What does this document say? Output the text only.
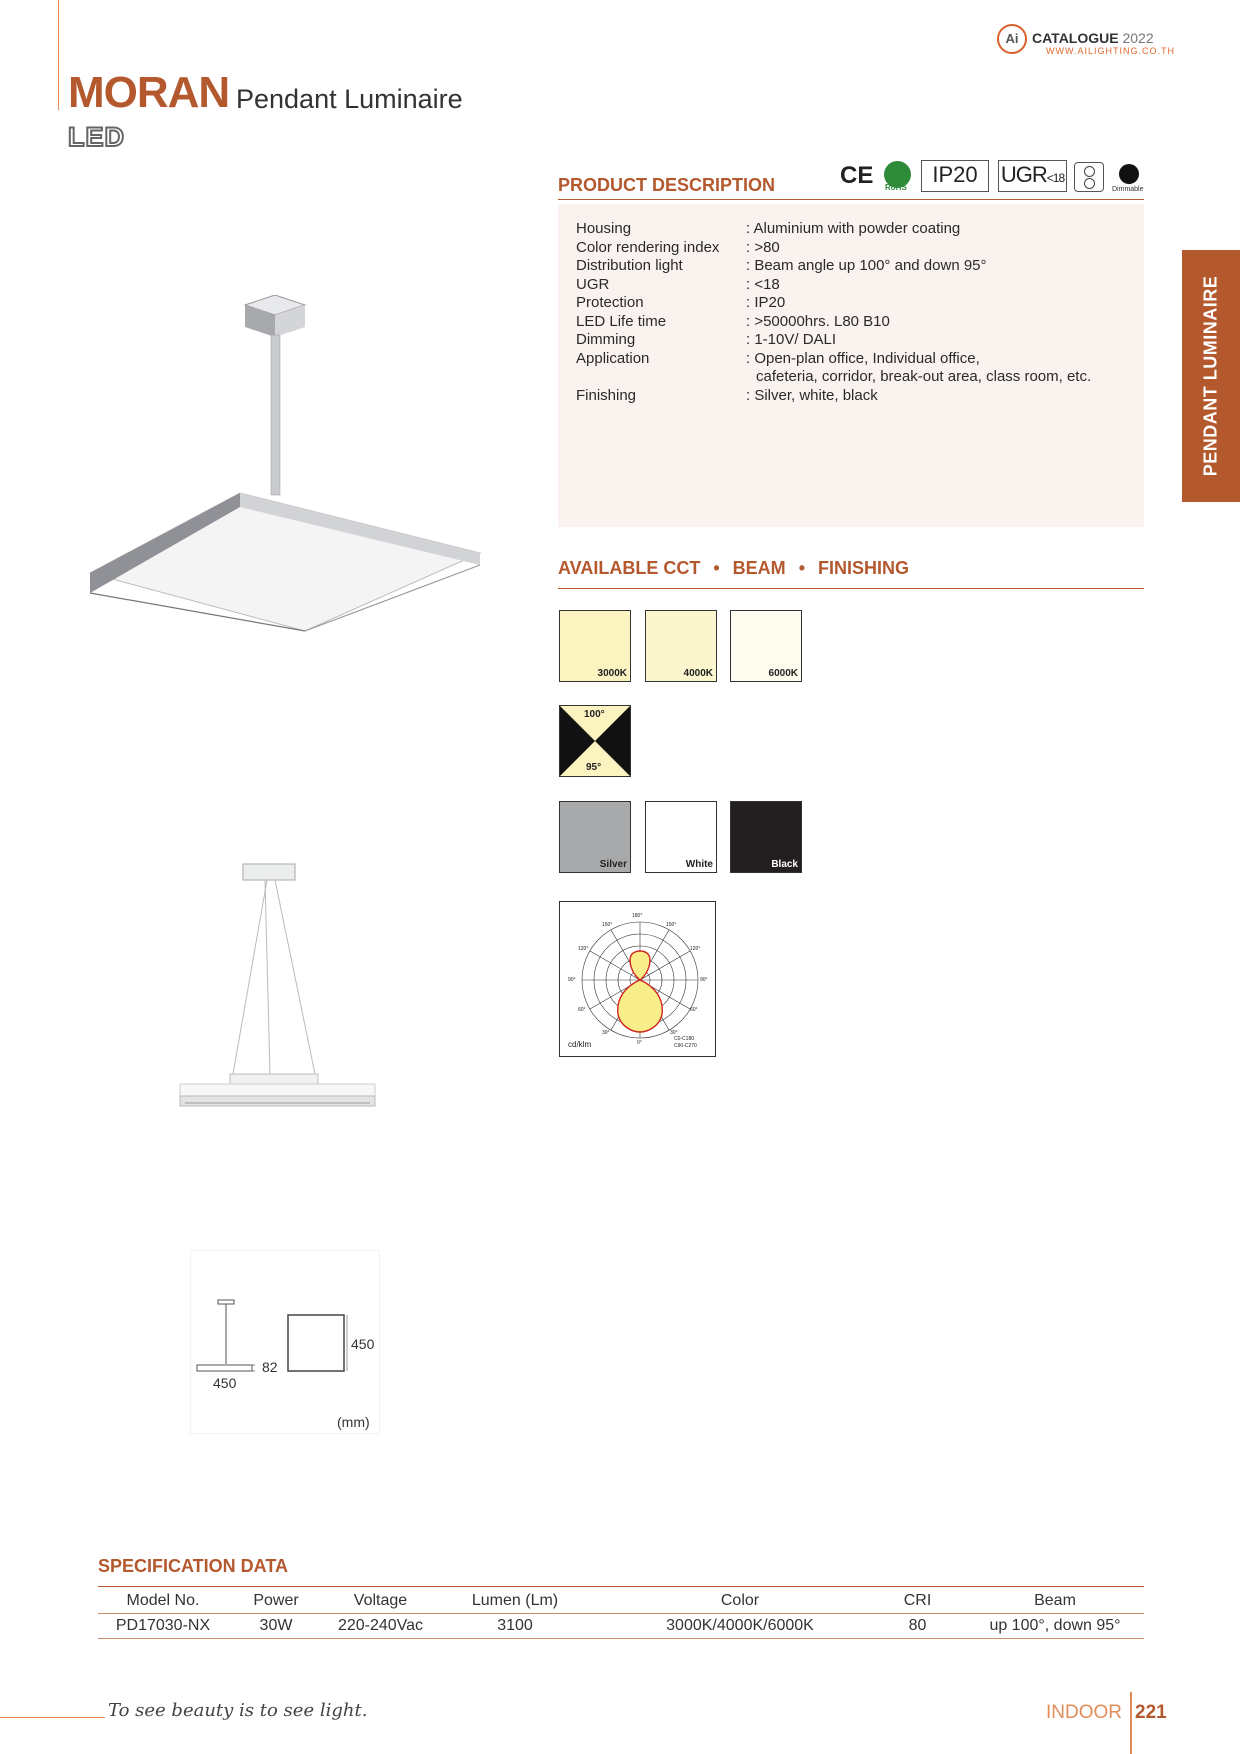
MORAN Pendant Luminaire
LED
Ai CATALOGUE 2022
WWW.AILIGHTING.CO.TH
PENDANT LUMINAIRE
450
82
450
(mm)
PRODUCT DESCRIPTION	CE RoHS
IP20	UGR<18
Dimmable
Housing	: Aluminium with powder coating
Color rendering index : >80
Distribution light	: Beam angle up 100° and down 95°
UGR	: <18
Protection	: IP20
LED Life time	: >50000hrs. L80 B10
Dimming	: 1-10V/ DALI
Application	: Open-plan office, Individual office,
cafeteria, corridor, break-out area, class room, etc.
Finishing	: Silver, white, black
AVAILABLE CCT • BEAM • FINISHING
3000K	4000K	6000K
100°
95°
Silver	White	Black
180°
150°	150°
120°	120°
90°	90°
60°	60°
30°	30°
0°
cd/klm
C0-C180
C90-C270
SPECIFICATION DATA
Model No.	Power	Voltage	Lumen (Lm)	Color	CRI	Beam
PD17030-NX	30W	220-240Vac	3100	3000K/4000K/6000K	80	up 100°, down 95°
To see beauty is to see light.	INDOOR 221
